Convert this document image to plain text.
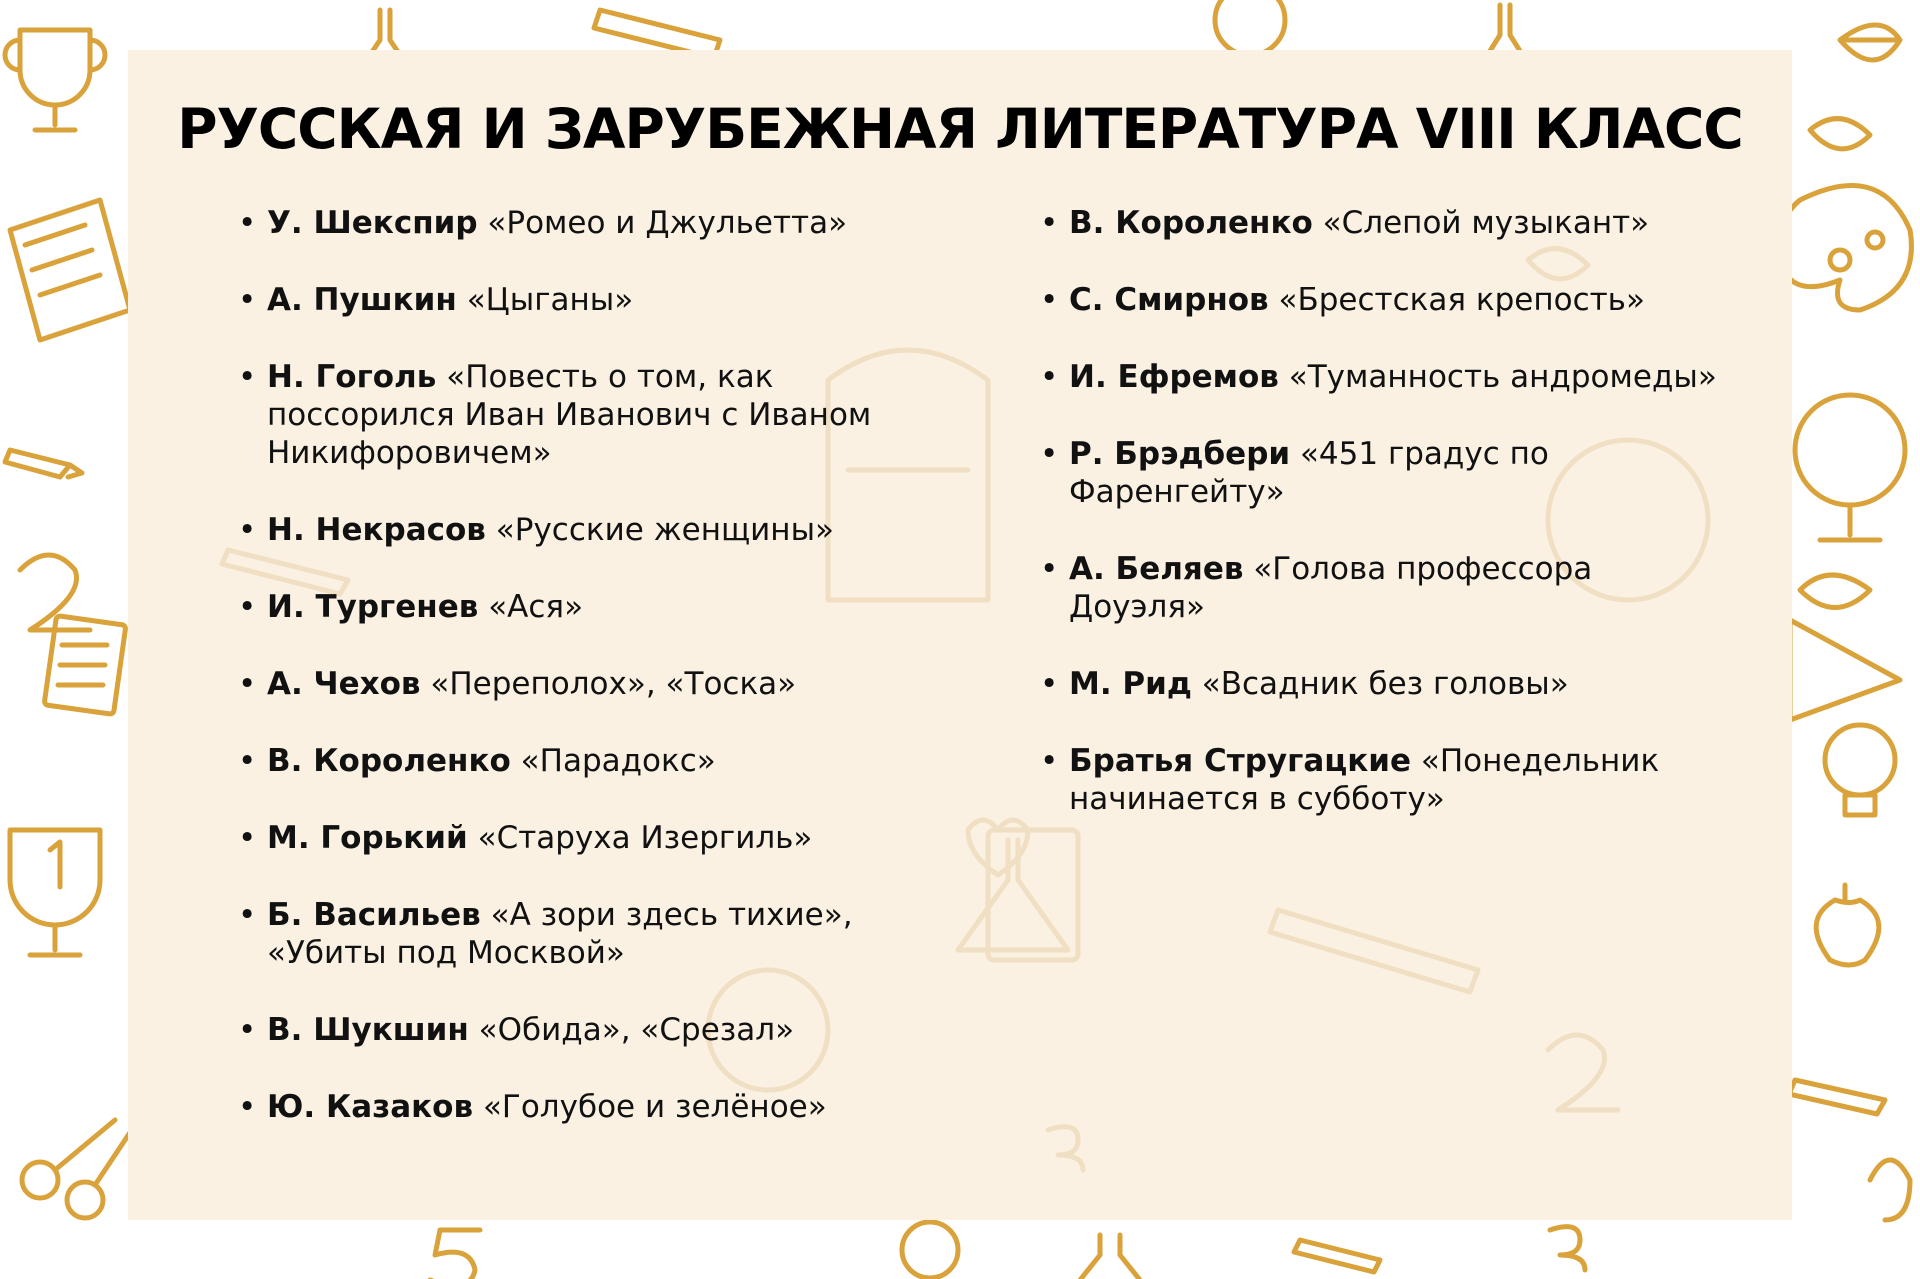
РУССКАЯ И ЗАРУБЕЖНАЯ ЛИТЕРАТУРА VIII КЛАСС
• У. Шекспир «Ромео и Джульетта»
• А. Пушкин «Цыганы»
• Н. Гоголь «Повесть о том, как поссорился Иван Иванович с Иваном Никифоровичем»
• Н. Некрасов «Русские женщины»
• И. Тургенев «Ася»
• А. Чехов «Переполох», «Тоска»
• В. Короленко «Парадокс»
• М. Горький «Старуха Изергиль»
• Б. Васильев «А зори здесь тихие», «Убиты под Москвой»
• В. Шукшин «Обида», «Срезал»
• Ю. Казаков «Голубое и зелёное»
• В. Короленко «Слепой музыкант»
• С. Смирнов «Брестская крепость»
• И. Ефремов «Туманность андромеды»
• Р. Брэдбери «451 градус по Фаренгейту»
• А. Беляев «Голова профессора Доуэля»
• М. Рид «Всадник без головы»
• Братья Стругацкие «Понедельник начинается в субботу»
